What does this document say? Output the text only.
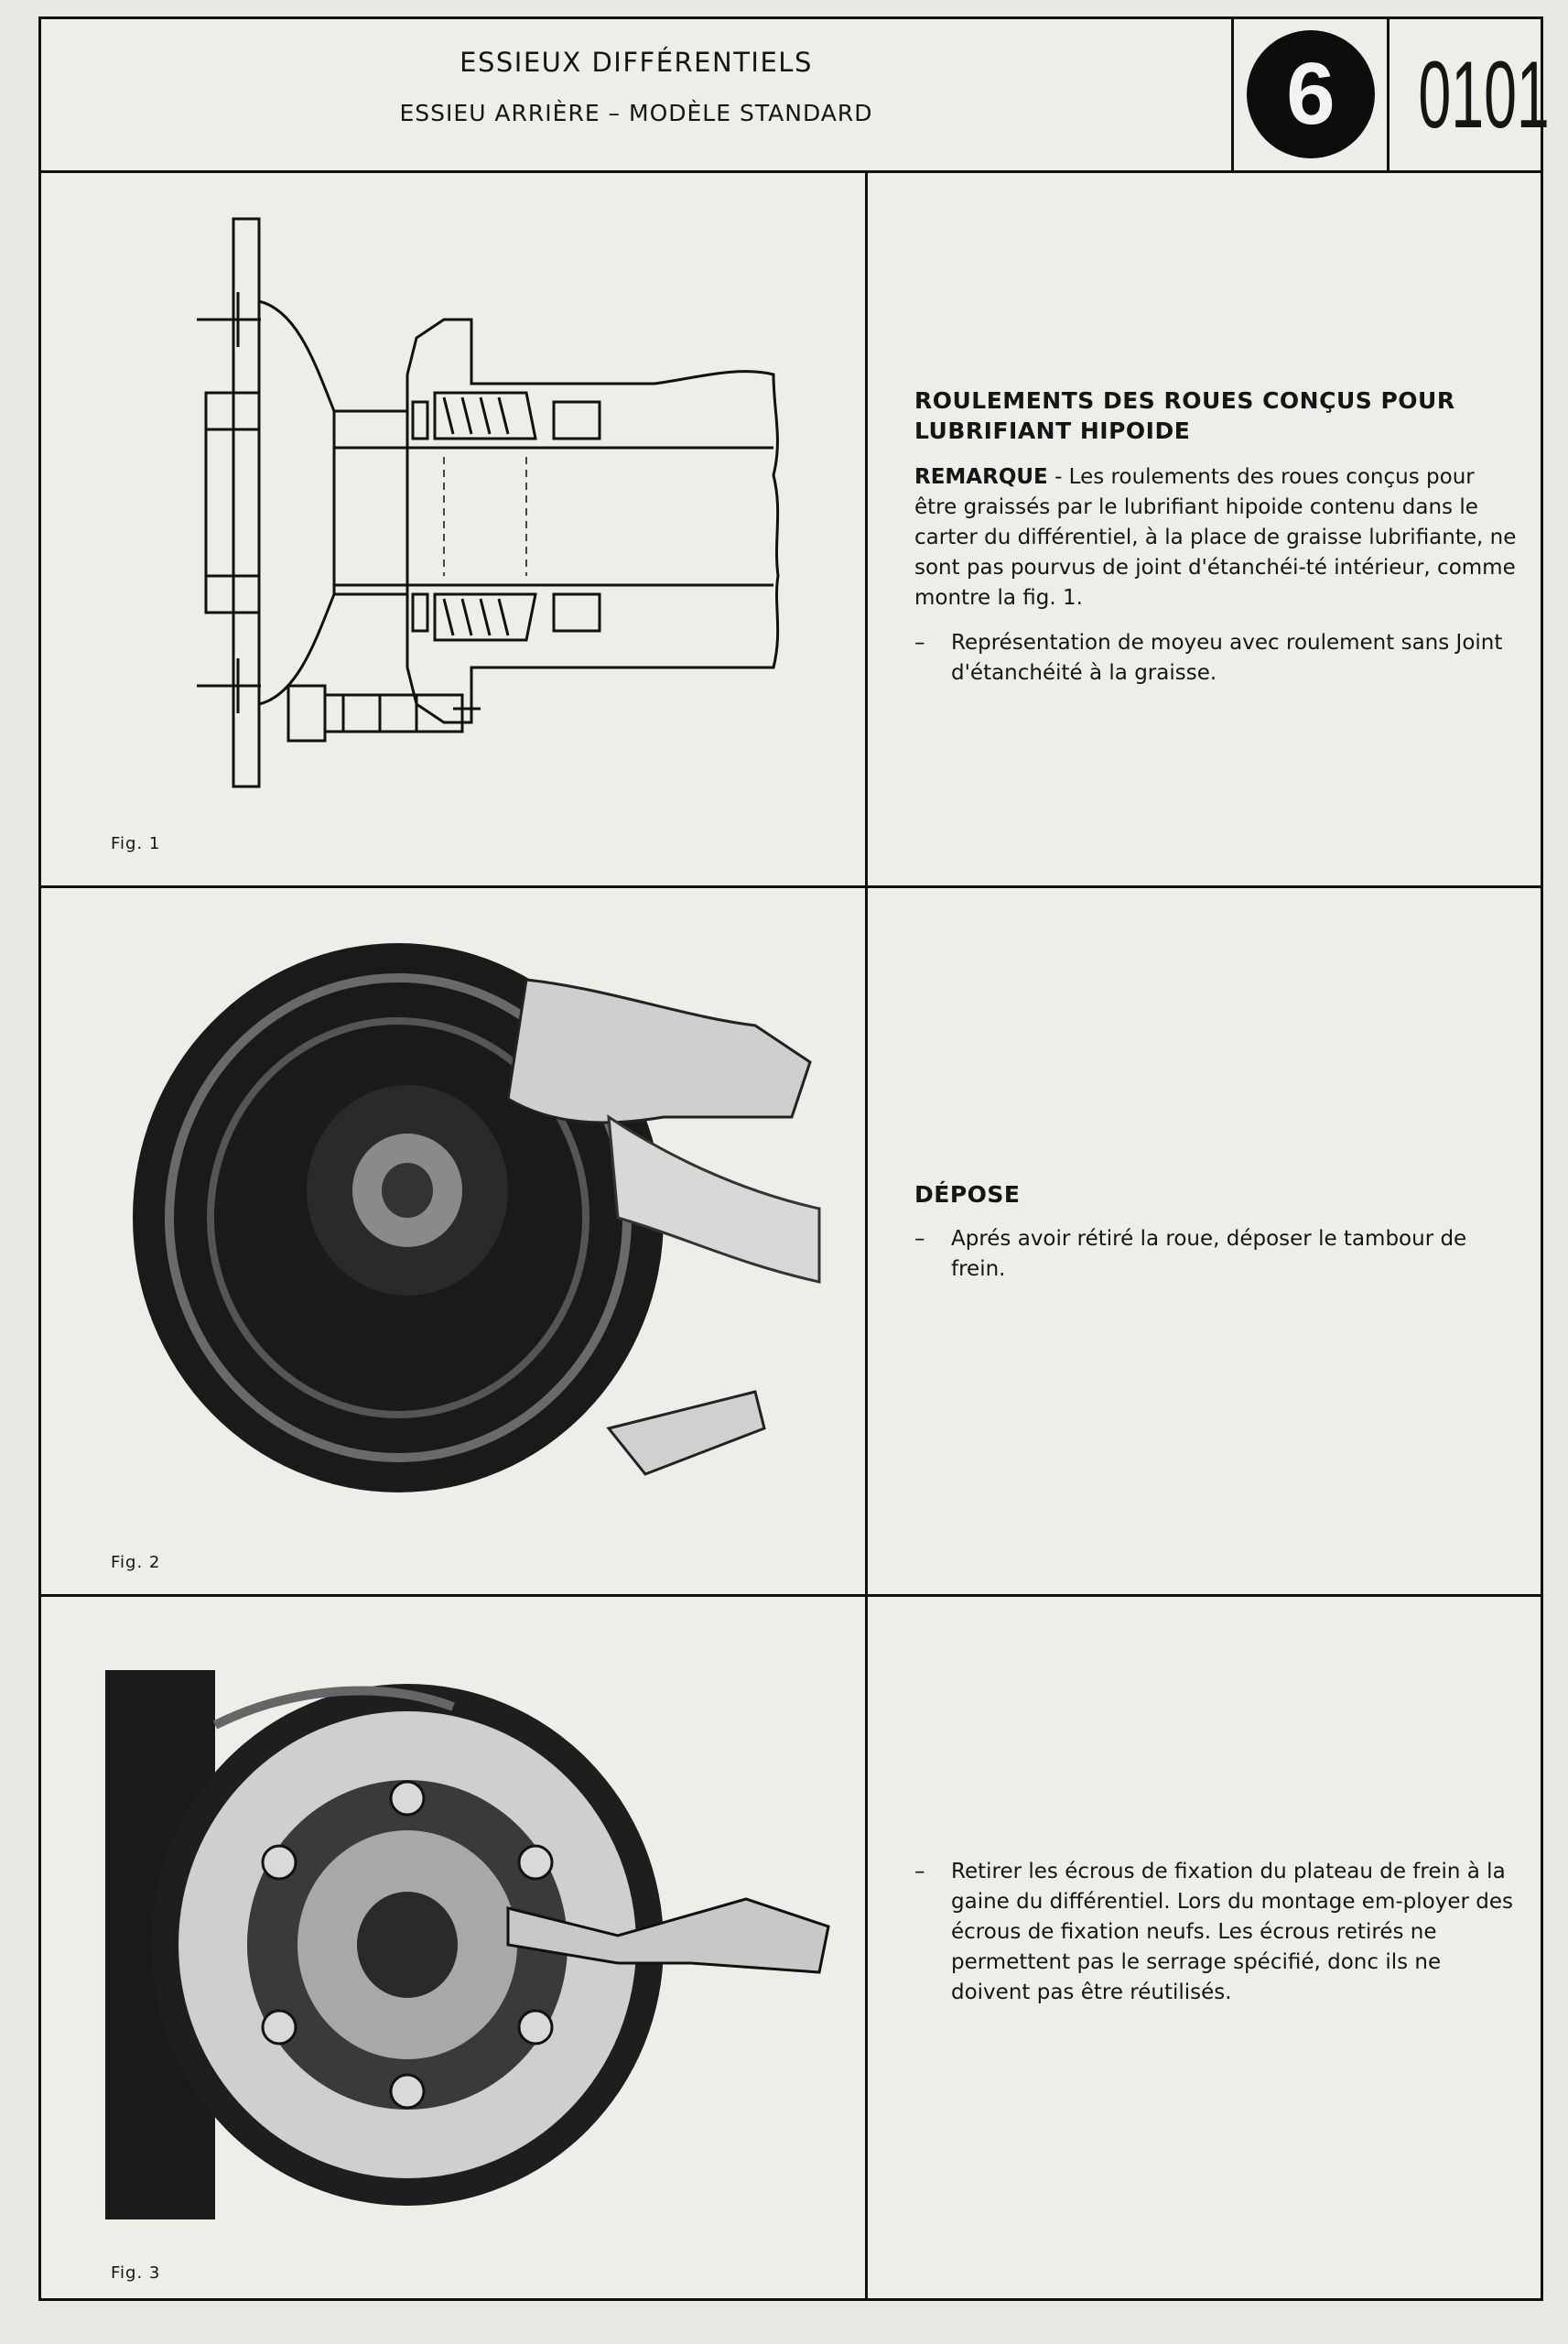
ESSIEUX DIFFÉRENTIELS
ESSIEU ARRIÈRE – MODÈLE STANDARD	6 0101
Fig. 1

ROULEMENTS DES ROUES CONÇUS POUR LUBRIFIANT HIPOIDE

REMARQUE - Les roulements des roues conçus pour être graissés par le lubrifiant hipoide contenu dans le carter du différentiel, à la place de graisse lubrifiante, ne sont pas pourvus de joint d'étanchéi-té intérieur, comme montre la fig. 1.

– Représentation de moyeu avec roulement sans Joint d'étanchéité à la graisse.

Fig. 2

DÉPOSE

– Aprés avoir rétiré la roue, déposer le tambour de frein.

Fig. 3

– Retirer les écrous de fixation du plateau de frein à la gaine du différentiel. Lors du montage em-ployer des écrous de fixation neufs. Les écrous retirés ne permettent pas le serrage spécifié, donc ils ne doivent pas être réutilisés.
